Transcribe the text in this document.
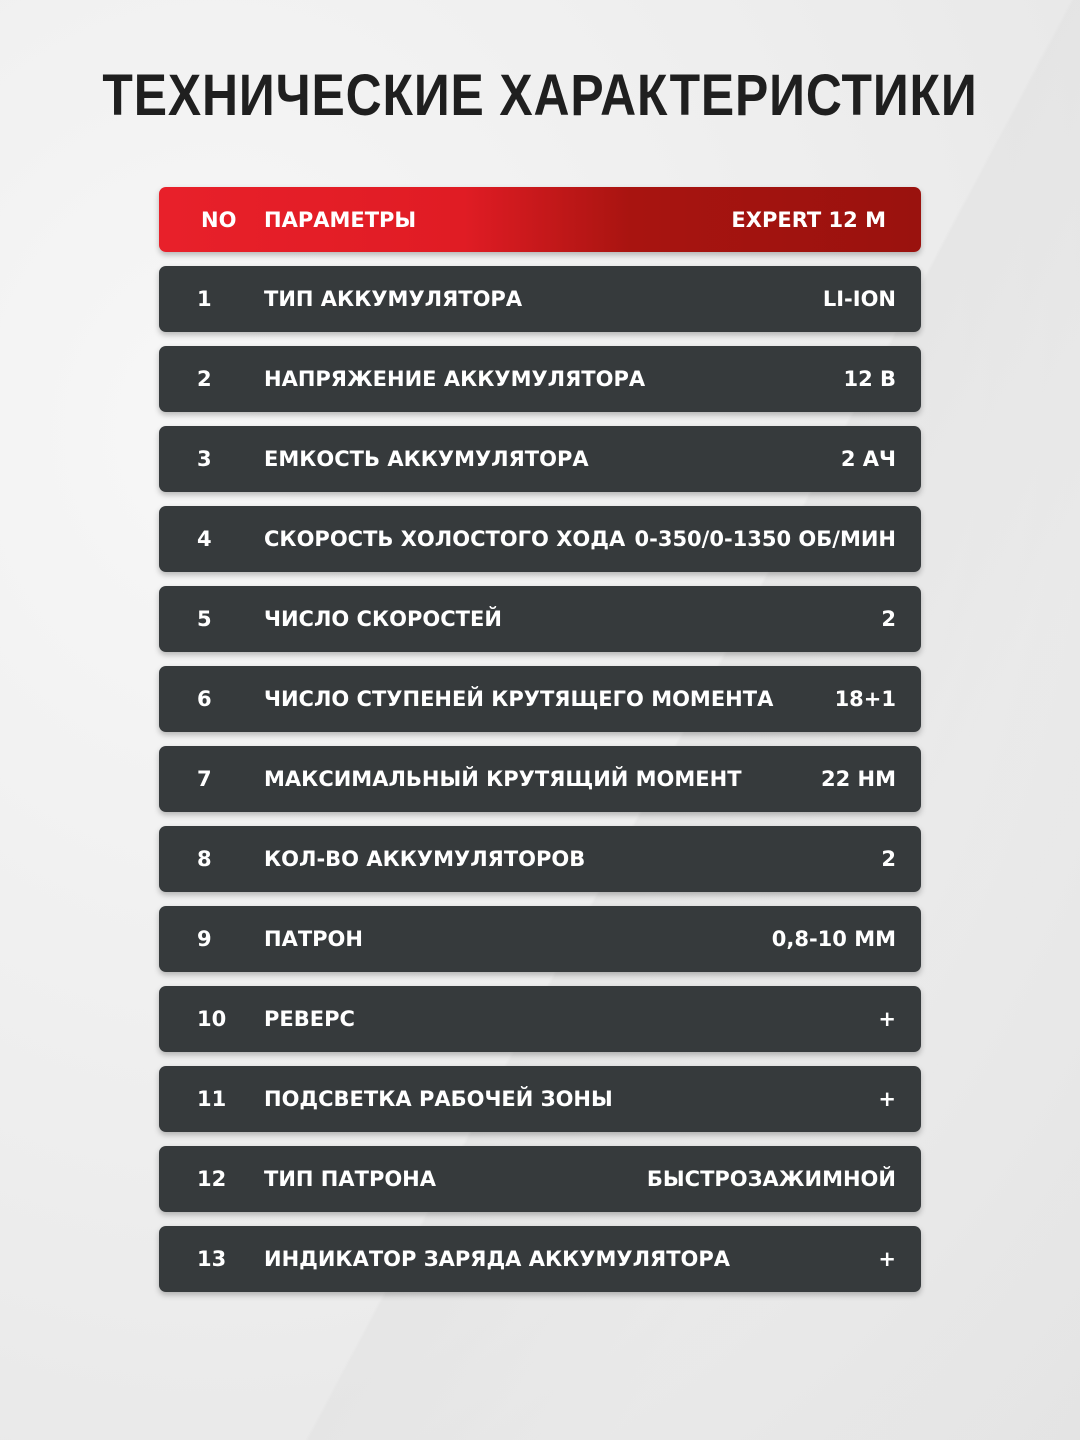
ТЕХНИЧЕСКИЕ ХАРАКТЕРИСТИКИ
NO	ПАРАМЕТРЫ	EXPERT 12 M
1	ТИП АККУМУЛЯТОРА	LI-ION
2	НАПРЯЖЕНИЕ АККУМУЛЯТОРА	12 В
3	ЕМКОСТЬ АККУМУЛЯТОРА	2 АЧ
4	СКОРОСТЬ ХОЛОСТОГО ХОДА 0-350/0-1350 ОБ/МИН
5	ЧИСЛО СКОРОСТЕЙ	2
6	ЧИСЛО СТУПЕНЕЙ КРУТЯЩЕГО МОМЕНТА	18+1
7	МАКСИМАЛЬНЫЙ КРУТЯЩИЙ МОМЕНТ	22 НМ
8	КОЛ-ВО АККУМУЛЯТОРОВ	2
9	ПАТРОН	0,8-10 ММ
10	РЕВЕРС	+
11	ПОДСВЕТКА РАБОЧЕЙ ЗОНЫ	+
12	ТИП ПАТРОНА	БЫСТРОЗАЖИМНОЙ
13	ИНДИКАТОР ЗАРЯДА АККУМУЛЯТОРА	+
